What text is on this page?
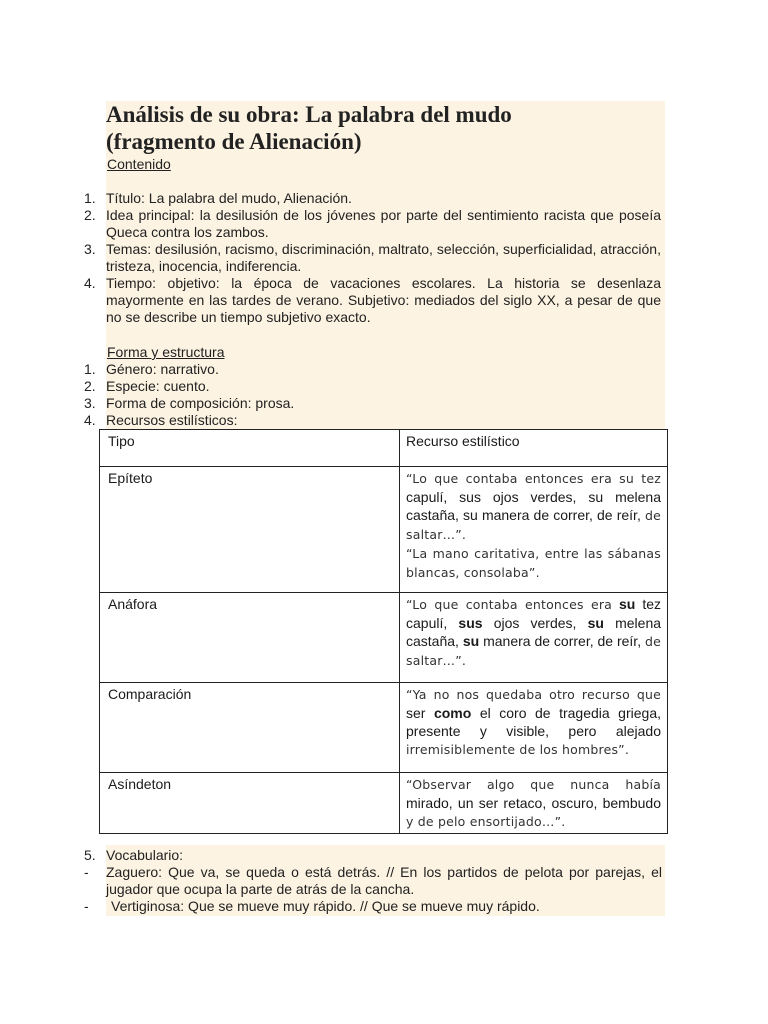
Análisis de su obra: La palabra del mudo
(fragmento de Alienación)
Contenido
1. Título: La palabra del mudo, Alienación.
2. Idea principal: la desilusión de los jóvenes por parte del sentimiento racista que poseía Queca contra los zambos.
3. Temas: desilusión, racismo, discriminación, maltrato, selección, superficialidad, atracción, tristeza, inocencia, indiferencia.
4. Tiempo: objetivo: la época de vacaciones escolares. La historia se desenlaza mayormente en las tardes de verano. Subjetivo: mediados del siglo XX, a pesar de que no se describe un tiempo subjetivo exacto.
Forma y estructura
1. Género: narrativo.
2. Especie: cuento.
3. Forma de composición: prosa.
4. Recursos estilísticos:
Tipo	Recurso estilístico
Epíteto	“Lo que contaba entonces era su tez capulí, sus ojos verdes, su melena castaña, su manera de correr, de reír, de saltar…”.
“La mano caritativa, entre las sábanas blancas, consolaba”.
Anáfora	“Lo que contaba entonces era su tez capulí, sus ojos verdes, su melena castaña, su manera de correr, de reír, de saltar…”.
Comparación	“Ya no nos quedaba otro recurso que ser como el coro de tragedia griega, presente y visible, pero alejado irremisiblemente de los hombres”.
Asíndeton	“Observar algo que nunca había mirado, un ser retaco, oscuro, bembudo y de pelo ensortijado…”.
5. Vocabulario:
- Zaguero: Que va, se queda o está detrás. // En los partidos de pelota por parejas, el jugador que ocupa la parte de atrás de la cancha.
- Vertiginosa: Que se mueve muy rápido. // Que se mueve muy rápido.
